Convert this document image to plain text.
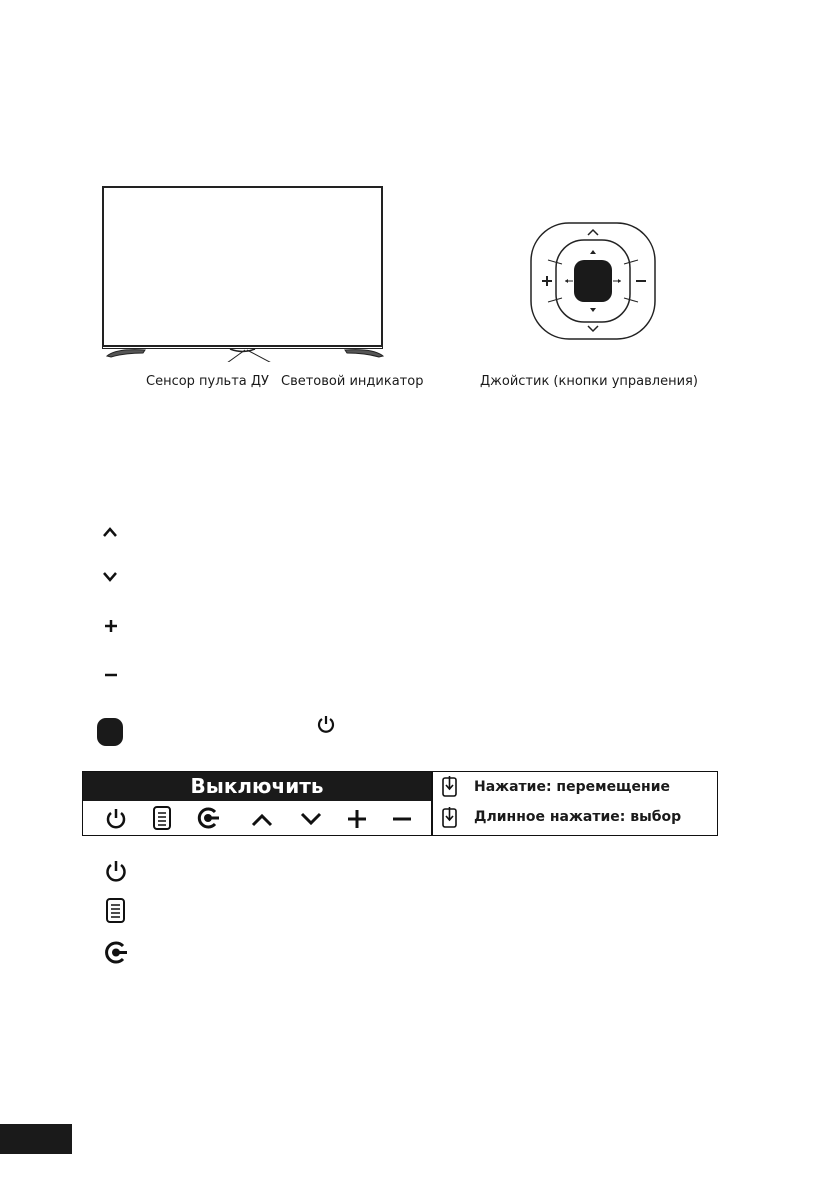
Сенсор пульта ДУ Световой индикатор	Джойстик (кнопки управления)
Выключить	Нажатие: перемещение
Длинное нажатие: выбор
